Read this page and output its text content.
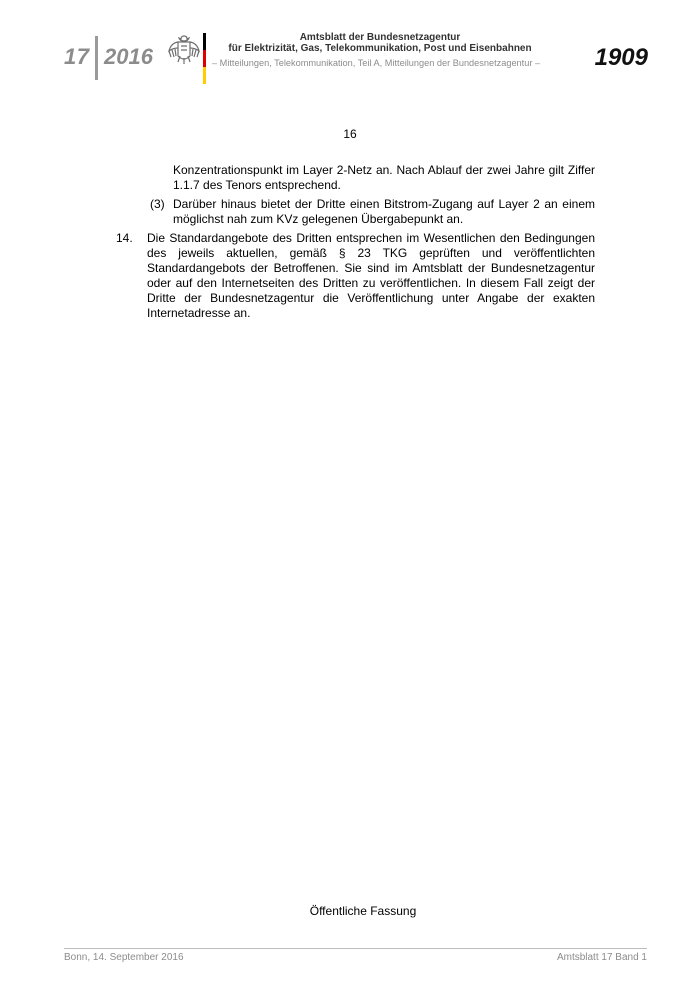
17 2016
Amtsblatt der Bundesnetzagentur
für Elektrizität, Gas, Telekommunikation, Post und Eisenbahnen
– Mitteilungen, Telekommunikation, Teil A, Mitteilungen der Bundesnetzagentur – 1909
16
Konzentrationspunkt im Layer 2-Netz an. Nach Ablauf der zwei Jahre gilt Ziffer 1.1.7 des Tenors entsprechend.
(3) Darüber hinaus bietet der Dritte einen Bitstrom-Zugang auf Layer 2 an einem möglichst nah zum KVz gelegenen Übergabepunkt an.
14. Die Standardangebote des Dritten entsprechen im Wesentlichen den Bedingungen des jeweils aktuellen, gemäß § 23 TKG geprüften und veröffentlichten Standardangebots der Betroffenen. Sie sind im Amtsblatt der Bundesnetzagentur oder auf den Internetseiten des Dritten zu veröffentlichen. In diesem Fall zeigt der Dritte der Bundesnetzagentur die Veröffentlichung unter Angabe der exakten Internetadresse an.
Öffentliche Fassung
Bonn, 14. September 2016	Amtsblatt 17 Band 1
